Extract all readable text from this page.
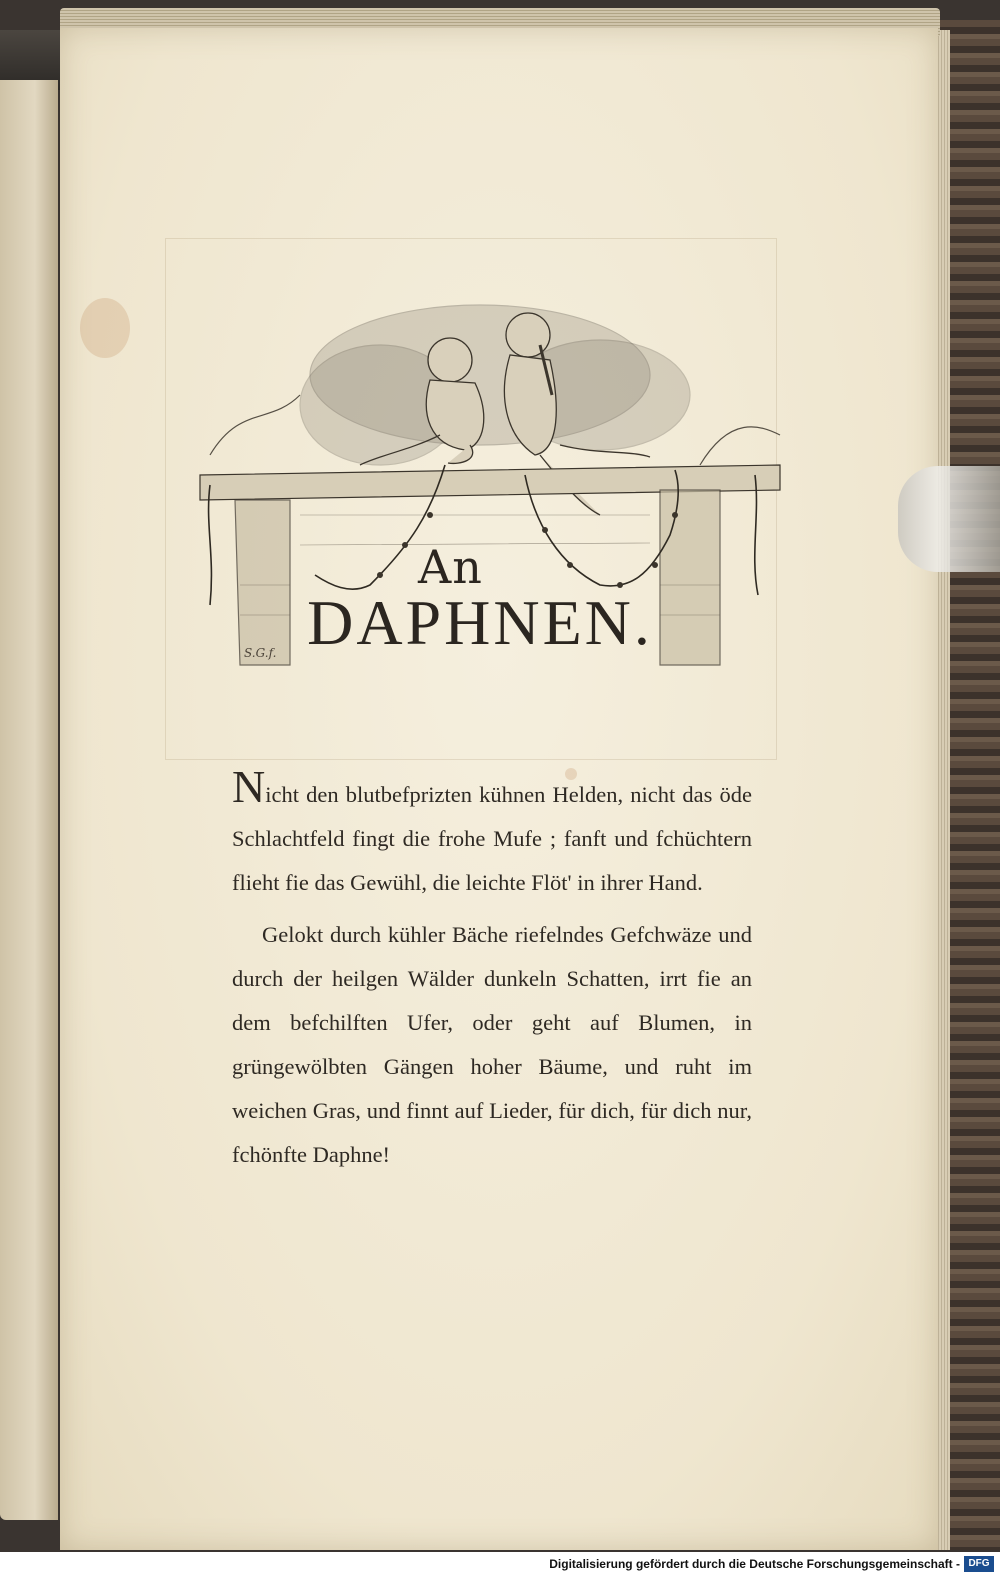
An
DAPHNEN.
S.G.f.

Nicht den blutbefprizten kühnen Helden, nicht das öde Schlachtfeld fingt die frohe Mufe ; fanft und fchüchtern flieht fie das Gewühl, die leichte Flöt' in ihrer Hand.

Gelokt durch kühler Bäche riefelndes Gefchwäze und durch der heilgen Wälder dunkeln Schatten, irrt fie an dem befchilften Ufer, oder geht auf Blumen, in grüngewölbten Gängen hoher Bäume, und ruht im weichen Gras, und finnt auf Lieder, für dich, für dich nur, fchönfte Daphne!

Digitalisierung gefördert durch die Deutsche Forschungsgemeinschaft - DFG
